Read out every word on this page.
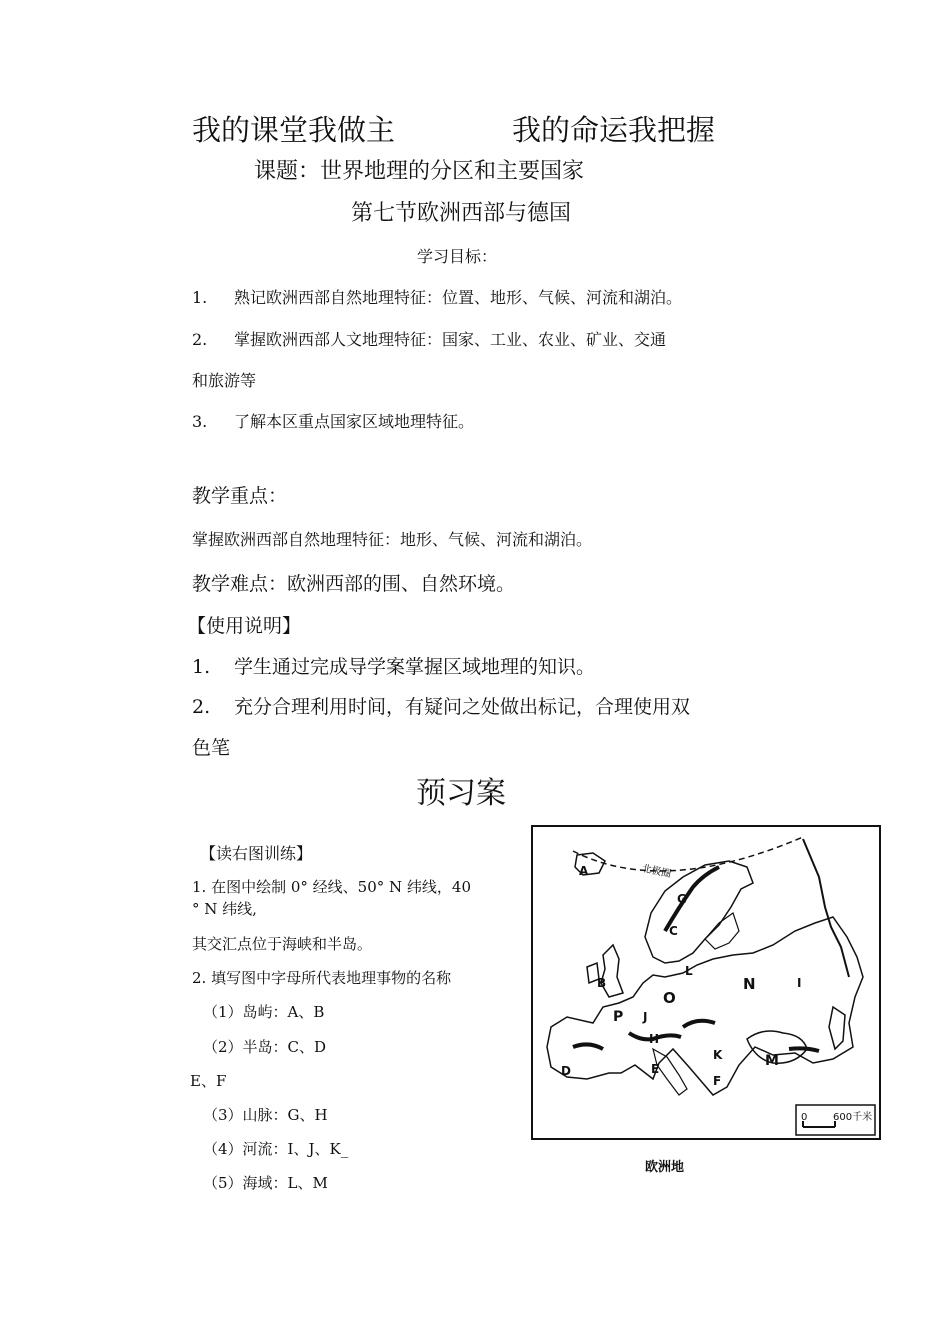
我的课堂我做主	我的命运我把握
课题：世界地理的分区和主要国家
第七节欧洲西部与德国
学习目标：
1. 熟记欧洲西部自然地理特征：位置、地形、气候、河流和湖泊。
2. 掌握欧洲西部人文地理特征：国家、工业、农业、矿业、交通
和旅游等
3. 了解本区重点国家区域地理特征。
教学重点：
掌握欧洲西部自然地理特征：地形、气候、河流和湖泊。
教学难点：欧洲西部的围、自然环境。
【使用说明】
1. 学生通过完成导学案掌握区域地理的知识。
2. 充分合理利用时间，有疑问之处做出标记，合理使用双
色笔
预习案
【读右图训练】
1. 在图中绘制 0° 经线、50° N 纬线，40
° N 纬线,
其交汇点位于海峡和半岛。
2. 填写图中字母所代表地理事物的名称
（1）岛屿：A、B
（2）半岛：C、D
E、F
（3）山脉：G、H
（4）河流：I、J、K_
（5）海域：L、M
北极圈
0	600千米
A
B
C
D	E
F
G
H
I
J
K
L
M
N
O
P
欧洲地
